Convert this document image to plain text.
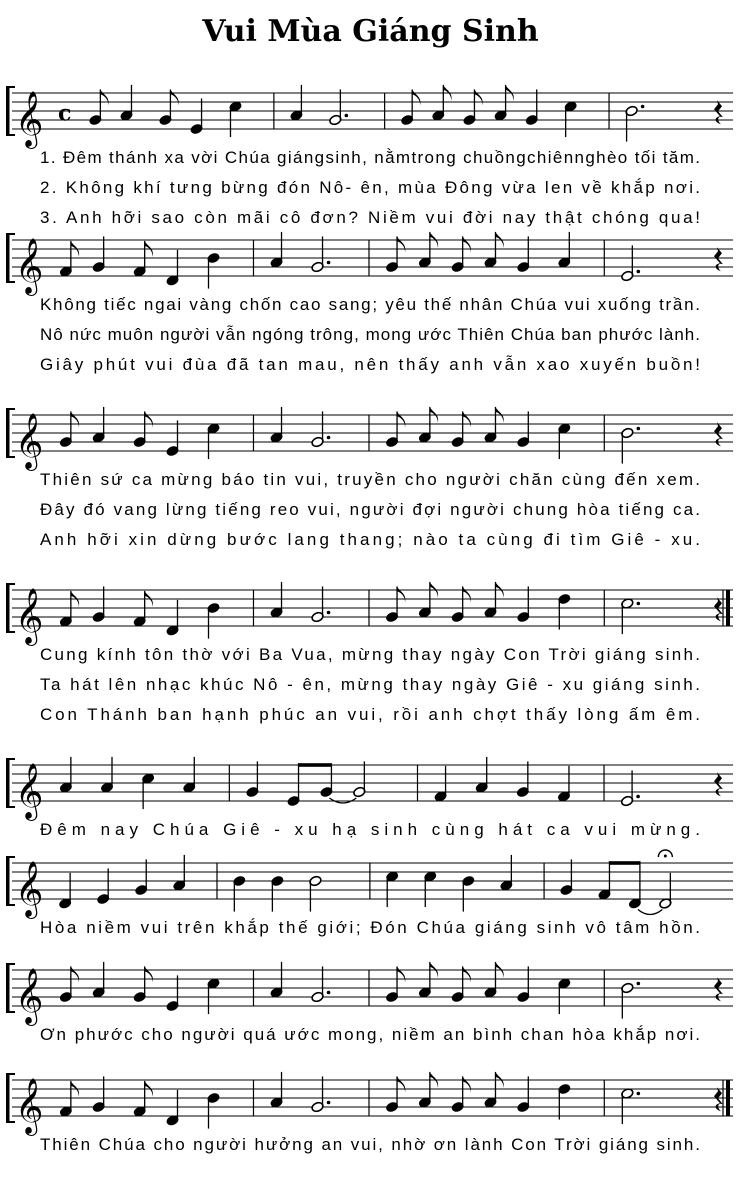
Vui Mùa Giáng Sinh
𝄞 c
1. Đêm thánh xa vời Chúa giángsinh, nằmtrong chuồngchiênnghèo tối tăm.
2. Không khí tưng bừng đón Nô- ên, mùa Đông vừa len về khắp nơi.
3. Anh hỡi sao còn mãi cô đơn? Niềm vui đời nay thật chóng qua!
𝄞
Không tiếc ngai vàng chốn cao sang; yêu thế nhân Chúa vui xuống trần.
Nô nức muôn người vẫn ngóng trông, mong ước Thiên Chúa ban phước lành.
Giây phút vui đùa đã tan mau, nên thấy anh vẫn xao xuyến buồn!
𝄞
Thiên sứ ca mừng báo tin vui, truyền cho người chăn cùng đến xem.
Đây đó vang lừng tiếng reo vui, người đợi người chung hòa tiếng ca.
Anh hỡi xin dừng bước lang thang; nào ta cùng đi tìm Giê - xu.
𝄞
Cung kính tôn thờ với Ba Vua, mừng thay ngày Con Trời giáng sinh.
Ta hát lên nhạc khúc Nô - ên, mừng thay ngày Giê - xu giáng sinh.
Con Thánh ban hạnh phúc an vui, rồi anh chợt thấy lòng ấm êm.
𝄞
Đêm nay Chúa Giê - xu hạ sinh cùng hát ca vui mừng.
𝄞
Hòa niềm vui trên khắp thế giới; Đón Chúa giáng sinh vô tâm hồn.
𝄞
Ơn phước cho người quá ước mong, niềm an bình chan hòa khắp nơi.
𝄞
Thiên Chúa cho người hưởng an vui, nhờ ơn lành Con Trời giáng sinh.
